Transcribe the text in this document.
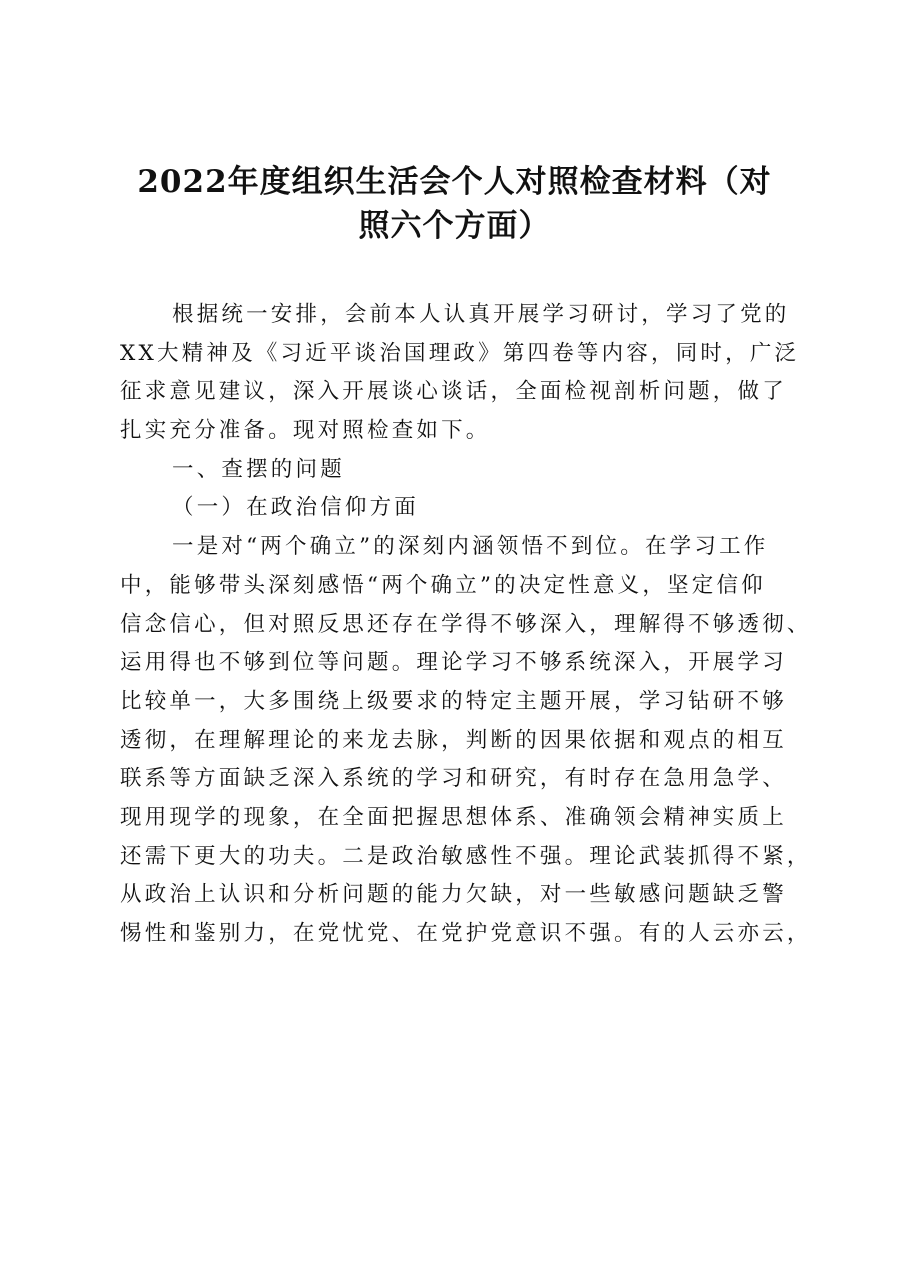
2022年度组织生活会个人对照检查材料（对
照六个方面）
根据统一安排，会前本人认真开展学习研讨，学习了党的
XX大精神及《习近平谈治国理政》第四卷等内容，同时，广泛
征求意见建议，深入开展谈心谈话，全面检视剖析问题，做了
扎实充分准备。现对照检查如下。
一、查摆的问题
（一）在政治信仰方面
一是对“两个确立”的深刻内涵领悟不到位。在学习工作
中，能够带头深刻感悟“两个确立”的决定性意义，坚定信仰
信念信心，但对照反思还存在学得不够深入，理解得不够透彻、
运用得也不够到位等问题。理论学习不够系统深入，开展学习
比较单一，大多围绕上级要求的特定主题开展，学习钻研不够
透彻，在理解理论的来龙去脉，判断的因果依据和观点的相互
联系等方面缺乏深入系统的学习和研究，有时存在急用急学、
现用现学的现象，在全面把握思想体系、准确领会精神实质上
还需下更大的功夫。二是政治敏感性不强。理论武装抓得不紧，
从政治上认识和分析问题的能力欠缺，对一些敏感问题缺乏警
惕性和鉴别力，在党忧党、在党护党意识不强。有的人云亦云，
